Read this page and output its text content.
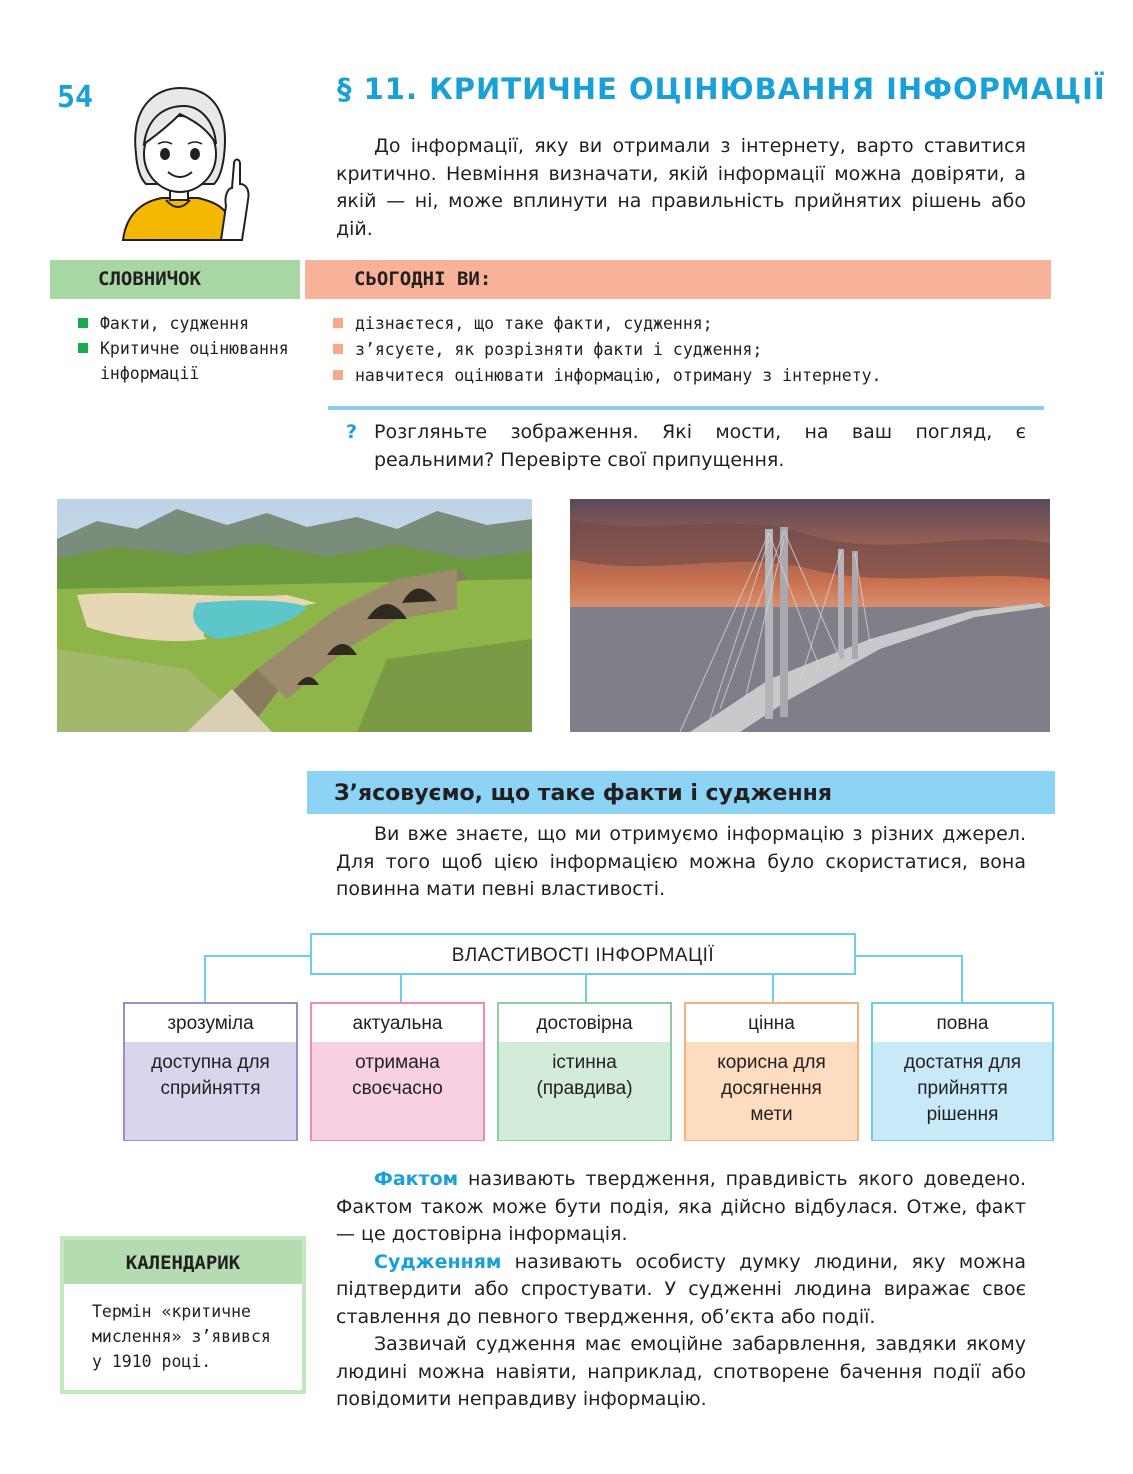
54	§ 11. КРИТИЧНЕ ОЦІНЮВАННЯ ІНФОРМАЦІЇ

До інформації, яку ви отримали з інтернету, варто ставитися критично. Невміння визначати, якій інформації можна довіряти, а якій — ні, може вплинути на правильність прийнятих рішень або дій.

СЛОВНИЧОК	СЬОГОДНІ ВИ:
Факти, судження
Критичне оцінювання інформації
дізнаєтеся, що таке факти, судження;
з’ясуєте, як розрізняти факти і судження;
навчитеся оцінювати інформацію, отриману з інтернету.
? Розгляньте зображення. Які мости, на ваш погляд, є реальними? Перевірте свої припущення.
З’ясовуємо, що таке факти і судження

Ви вже знаєте, що ми отримуємо інформацію з різних джерел. Для того щоб цією інформацією можна було скористатися, вона повинна мати певні властивості.

ВЛАСТИВОСТІ ІНФОРМАЦІЇ
зрозуміла
доступна для
сприйняття
актуальна
отримана
своєчасно
достовірна
істинна
(правдива)
цінна
корисна для
досягнення
мети
повна
достатня для
прийняття
рішення

Фактом називають твердження, правдивість якого доведено. Фактом також може бути подія, яка дійсно відбулася. Отже, факт — це достовірна інформація.

Судженням називають особисту думку людини, яку можна підтвердити або спростувати. У судженні людина виражає своє ставлення до певного твердження, об’єкта або події.

Зазвичай судження має емоційне забарвлення, завдяки якому людині можна навіяти, наприклад, спотворене бачення події або повідомити неправдиву інформацію.

КАЛЕНДАРИК
Термін «критичне мислення» з’явився у 1910 році.
